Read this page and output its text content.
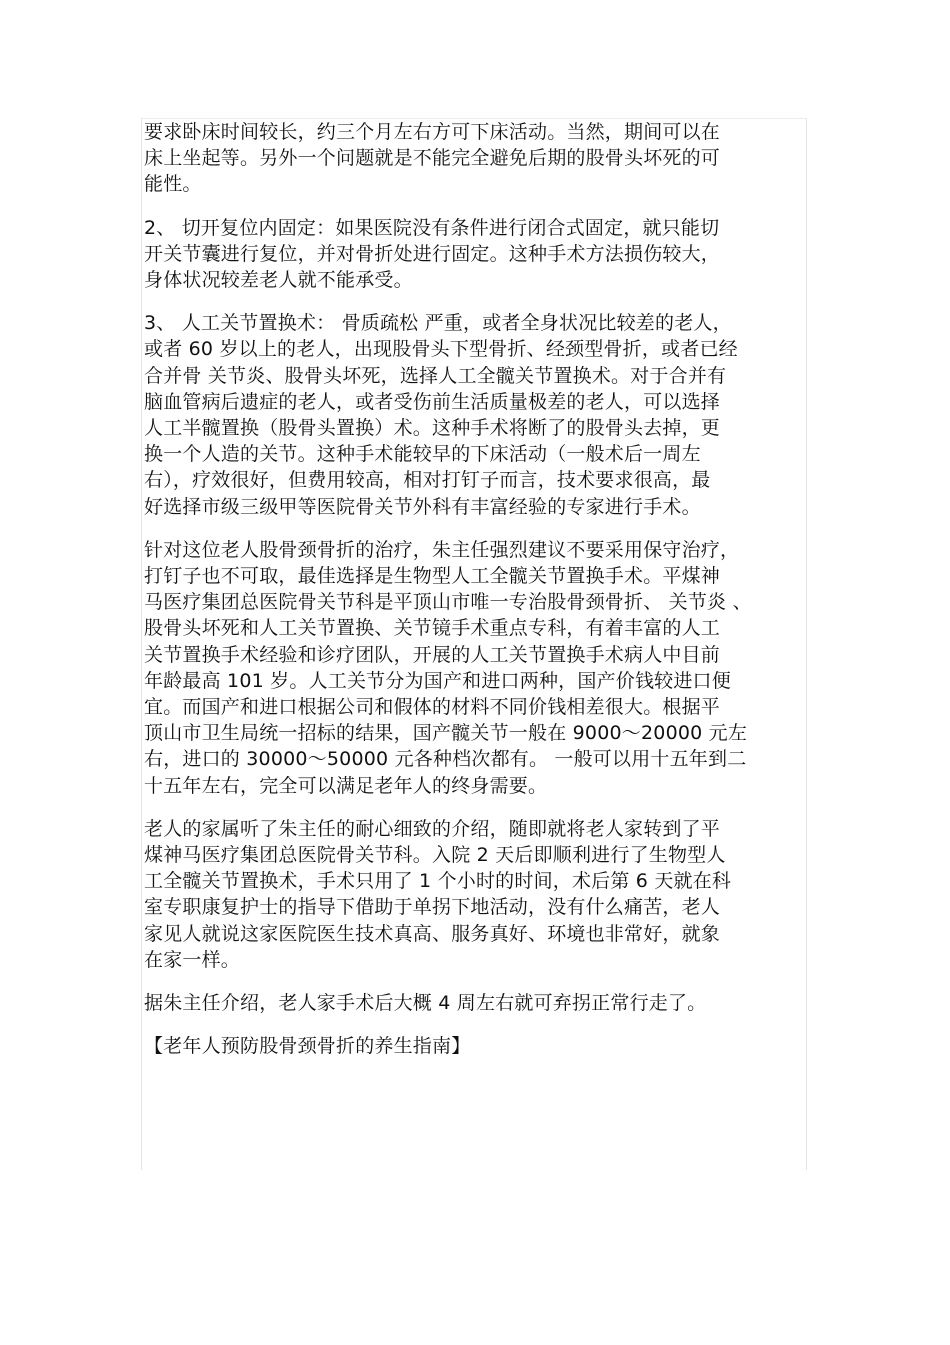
要求卧床时间较长，约三个月左右方可下床活动。当然，期间可以在
床上坐起等。另外一个问题就是不能完全避免后期的股骨头坏死的可
能性。
2、 切开复位内固定：如果医院没有条件进行闭合式固定，就只能切
开关节囊进行复位，并对骨折处进行固定。这种手术方法损伤较大，
身体状况较差老人就不能承受。
3、 人工关节置换术： 骨质疏松 严重，或者全身状况比较差的老人，
或者 60 岁以上的老人，出现股骨头下型骨折、经颈型骨折，或者已经
合并骨 关节炎、股骨头坏死，选择人工全髋关节置换术。对于合并有
脑血管病后遗症的老人，或者受伤前生活质量极差的老人，可以选择
人工半髋置换（股骨头置换）术。这种手术将断了的股骨头去掉，更
换一个人造的关节。这种手术能较早的下床活动（一般术后一周左
右），疗效很好，但费用较高，相对打钉子而言，技术要求很高，最
好选择市级三级甲等医院骨关节外科有丰富经验的专家进行手术。
针对这位老人股骨颈骨折的治疗，朱主任强烈建议不要采用保守治疗，
打钉子也不可取，最佳选择是生物型人工全髋关节置换手术。平煤神
马医疗集团总医院骨关节科是平顶山市唯一专治股骨颈骨折、 关节炎 、
股骨头坏死和人工关节置换、关节镜手术重点专科，有着丰富的人工
关节置换手术经验和诊疗团队，开展的人工关节置换手术病人中目前
年龄最高 101 岁。人工关节分为国产和进口两种，国产价钱较进口便
宜。而国产和进口根据公司和假体的材料不同价钱相差很大。根据平
顶山市卫生局统一招标的结果，国产髋关节一般在 9000～20000 元左
右，进口的 30000～50000 元各种档次都有。 一般可以用十五年到二
十五年左右，完全可以满足老年人的终身需要。
老人的家属听了朱主任的耐心细致的介绍，随即就将老人家转到了平
煤神马医疗集团总医院骨关节科。入院 2 天后即顺利进行了生物型人
工全髋关节置换术，手术只用了 1 个小时的时间，术后第 6 天就在科
室专职康复护士的指导下借助于单拐下地活动，没有什么痛苦，老人
家见人就说这家医院医生技术真高、服务真好、环境也非常好，就象
在家一样。
据朱主任介绍，老人家手术后大概 4 周左右就可弃拐正常行走了。
【老年人预防股骨颈骨折的养生指南】
